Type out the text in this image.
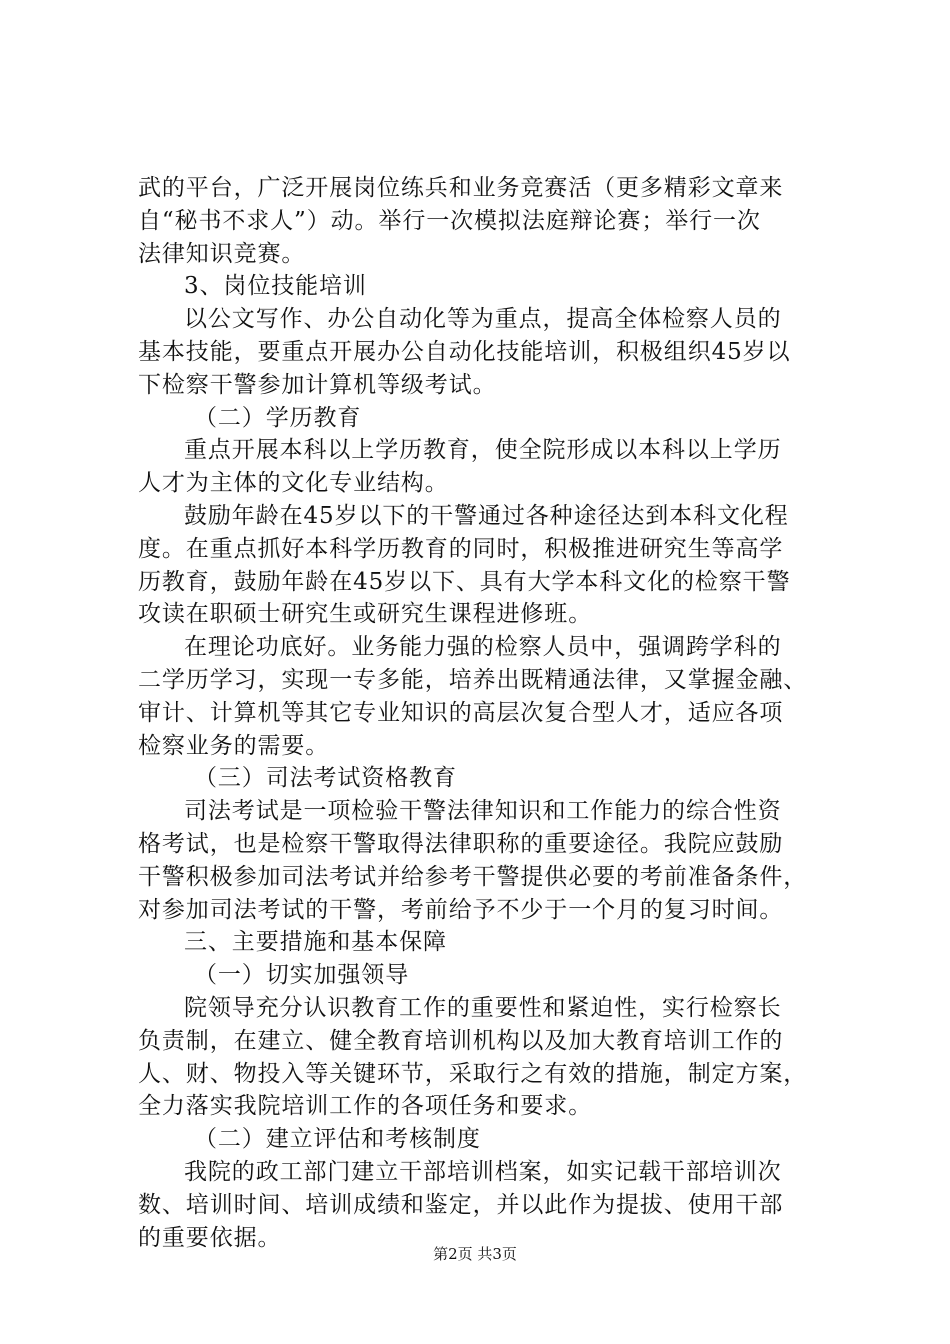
武的平台，广泛开展岗位练兵和业务竞赛活（更多精彩文章来
自“秘书不求人”）动。举行一次模拟法庭辩论赛；举行一次
法律知识竞赛。
3、岗位技能培训
以公文写作、办公自动化等为重点，提高全体检察人员的
基本技能，要重点开展办公自动化技能培训，积极组织45岁以
下检察干警参加计算机等级考试。
（二）学历教育
重点开展本科以上学历教育，使全院形成以本科以上学历
人才为主体的文化专业结构。
鼓励年龄在45岁以下的干警通过各种途径达到本科文化程
度。在重点抓好本科学历教育的同时，积极推进研究生等高学
历教育，鼓励年龄在45岁以下、具有大学本科文化的检察干警
攻读在职硕士研究生或研究生课程进修班。
在理论功底好。业务能力强的检察人员中，强调跨学科的
二学历学习，实现一专多能，培养出既精通法律，又掌握金融、
审计、计算机等其它专业知识的高层次复合型人才，适应各项
检察业务的需要。
（三）司法考试资格教育
司法考试是一项检验干警法律知识和工作能力的综合性资
格考试，也是检察干警取得法律职称的重要途径。我院应鼓励
干警积极参加司法考试并给参考干警提供必要的考前准备条件，
对参加司法考试的干警，考前给予不少于一个月的复习时间。
三、主要措施和基本保障
（一）切实加强领导
院领导充分认识教育工作的重要性和紧迫性，实行检察长
负责制，在建立、健全教育培训机构以及加大教育培训工作的
人、财、物投入等关键环节，采取行之有效的措施，制定方案，
全力落实我院培训工作的各项任务和要求。
（二）建立评估和考核制度
我院的政工部门建立干部培训档案，如实记载干部培训次
数、培训时间、培训成绩和鉴定，并以此作为提拔、使用干部
的重要依据。
第2页 共3页
